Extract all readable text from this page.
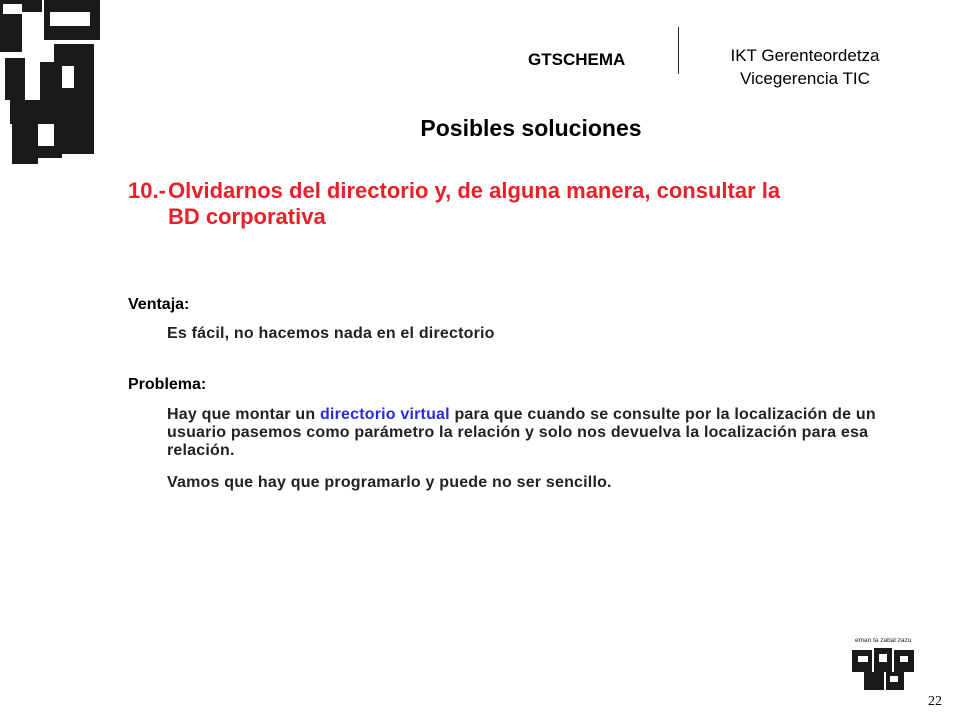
GTSCHEMA	IKT Gerenteordetza
Vicegerencia TIC
Posibles soluciones
10.-Olvidarnos del directorio y, de alguna manera, consultar la
BD corporativa
Ventaja:
Es fácil, no hacemos nada en el directorio
Problema:
Hay que montar un directorio virtual para que cuando se consulte por la localización de un usuario pasemos como parámetro la relación y solo nos devuelva la localización para esa relación.
Vamos que hay que programarlo y puede no ser sencillo.
eman ta zabal zazu
22
